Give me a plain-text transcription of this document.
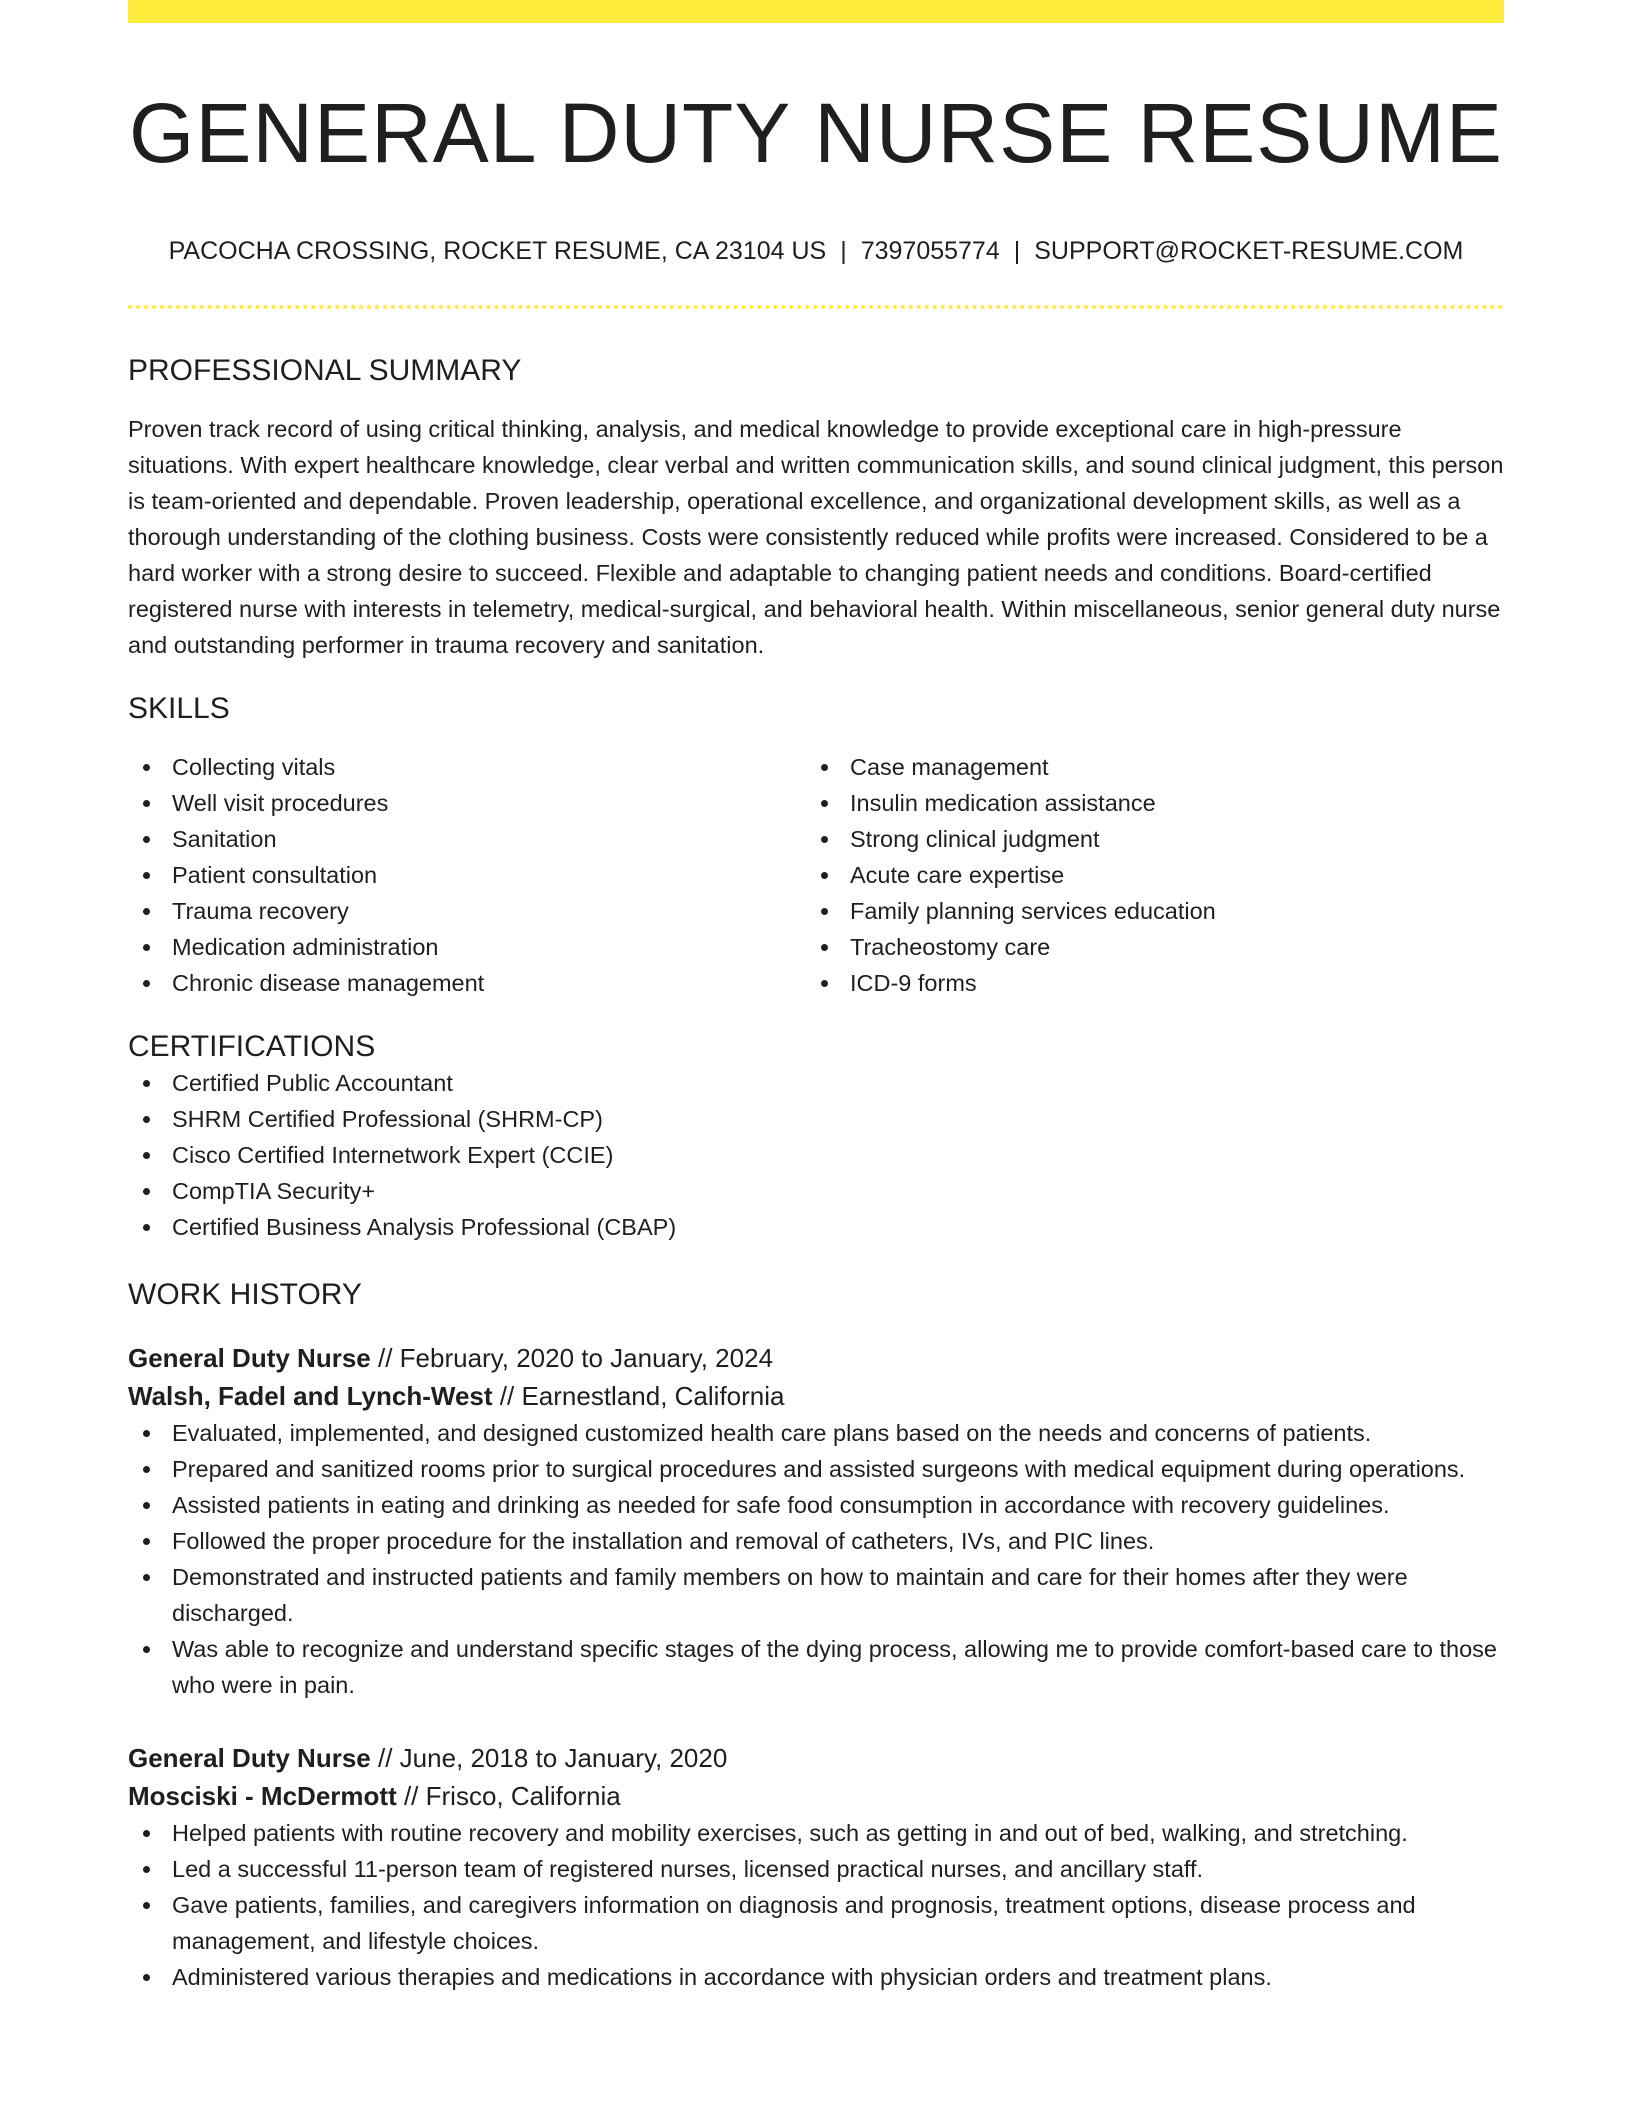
GENERAL DUTY NURSE RESUME
PACOCHA CROSSING, ROCKET RESUME, CA 23104 US | 7397055774 | SUPPORT@ROCKET-RESUME.COM
PROFESSIONAL SUMMARY

Proven track record of using critical thinking, analysis, and medical knowledge to provide exceptional care in high-pressure situations. With expert healthcare knowledge, clear verbal and written communication skills, and sound clinical judgment, this person is team-oriented and dependable. Proven leadership, operational excellence, and organizational development skills, as well as a thorough understanding of the clothing business. Costs were consistently reduced while profits were increased. Considered to be a hard worker with a strong desire to succeed. Flexible and adaptable to changing patient needs and conditions. Board-certified registered nurse with interests in telemetry, medical-surgical, and behavioral health. Within miscellaneous, senior general duty nurse and outstanding performer in trauma recovery and sanitation.

SKILLS
Collecting vitals
Well visit procedures
Sanitation
Patient consultation
Trauma recovery
Medication administration
Chronic disease management
Case management
Insulin medication assistance
Strong clinical judgment
Acute care expertise
Family planning services education
Tracheostomy care
ICD-9 forms
CERTIFICATIONS
Certified Public Accountant
SHRM Certified Professional (SHRM-CP)
Cisco Certified Internetwork Expert (CCIE)
CompTIA Security+
Certified Business Analysis Professional (CBAP)
WORK HISTORY
General Duty Nurse // February, 2020 to January, 2024
Walsh, Fadel and Lynch-West // Earnestland, California
Evaluated, implemented, and designed customized health care plans based on the needs and concerns of patients.
Prepared and sanitized rooms prior to surgical procedures and assisted surgeons with medical equipment during operations.
Assisted patients in eating and drinking as needed for safe food consumption in accordance with recovery guidelines.
Followed the proper procedure for the installation and removal of catheters, IVs, and PIC lines.
Demonstrated and instructed patients and family members on how to maintain and care for their homes after they were discharged.
Was able to recognize and understand specific stages of the dying process, allowing me to provide comfort-based care to those who were in pain.
General Duty Nurse // June, 2018 to January, 2020
Mosciski - McDermott // Frisco, California
Helped patients with routine recovery and mobility exercises, such as getting in and out of bed, walking, and stretching.
Led a successful 11-person team of registered nurses, licensed practical nurses, and ancillary staff.
Gave patients, families, and caregivers information on diagnosis and prognosis, treatment options, disease process and management, and lifestyle choices.
Administered various therapies and medications in accordance with physician orders and treatment plans.
